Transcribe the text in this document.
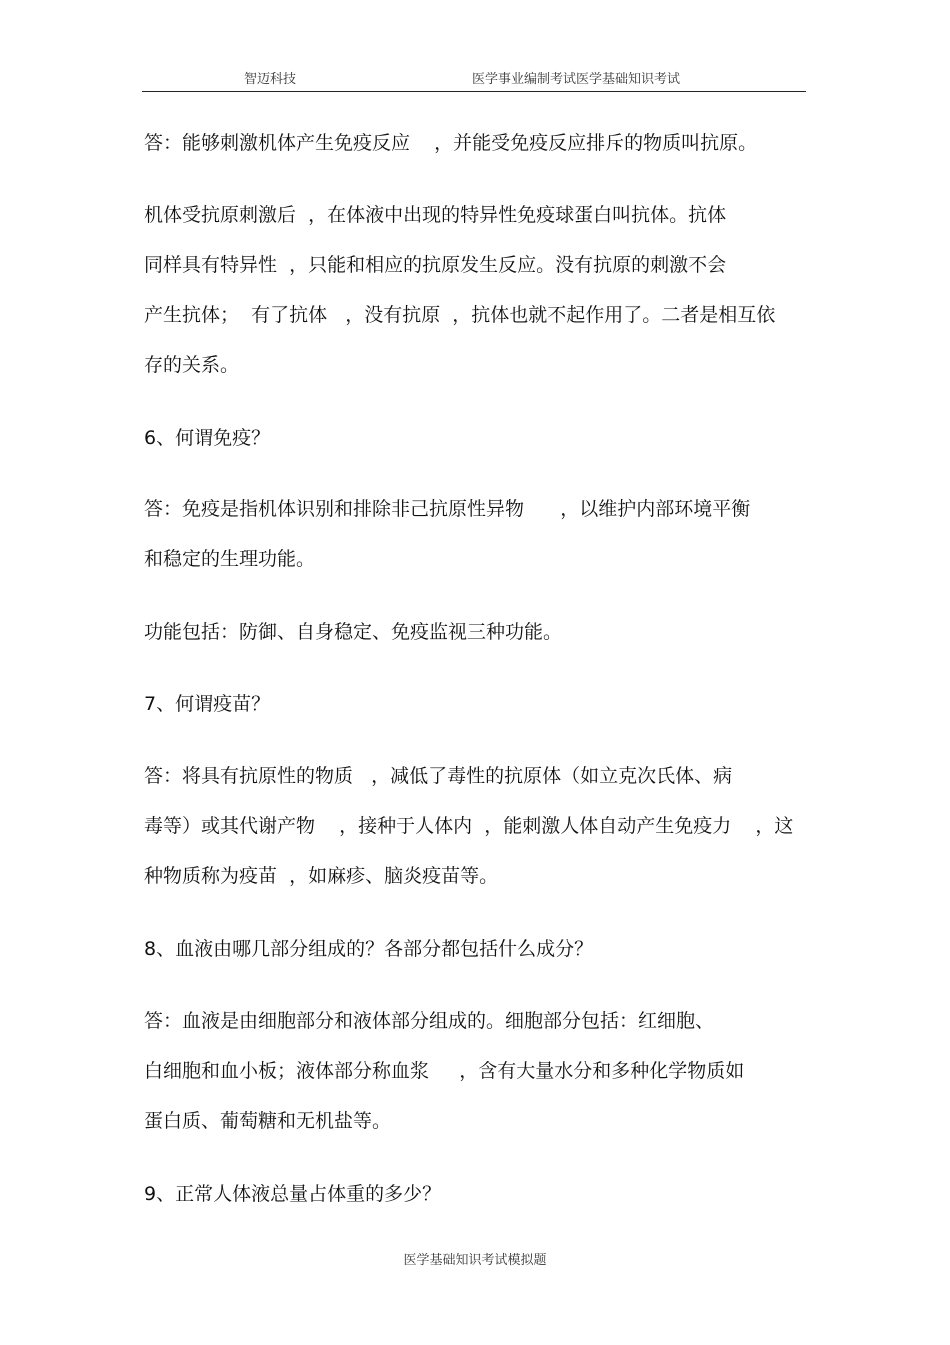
智迈科技	医学事业编制考试医学基础知识考试
答：能够刺激机体产生免疫反应    ，并能受免疫反应排斥的物质叫抗原。
机体受抗原刺激后  ，在体液中出现的特异性免疫球蛋白叫抗体。抗体
同样具有特异性  ，只能和相应的抗原发生反应。没有抗原的刺激不会
产生抗体；  有了抗体   ，没有抗原  ，抗体也就不起作用了。二者是相互依
存的关系。
6、何谓免疫？
答：免疫是指机体识别和排除非己抗原性异物      ，以维护内部环境平衡
和稳定的生理功能。
功能包括：防御、自身稳定、免疫监视三种功能。
7、何谓疫苗？
答：将具有抗原性的物质   ，减低了毒性的抗原体（如立克次氏体、病
毒等）或其代谢产物    ，接种于人体内  ，能刺激人体自动产生免疫力    ，这
种物质称为疫苗  ，如麻疹、脑炎疫苗等。
8、血液由哪几部分组成的？各部分都包括什么成分？
答：血液是由细胞部分和液体部分组成的。细胞部分包括：红细胞、
白细胞和血小板；液体部分称血浆     ，含有大量水分和多种化学物质如
蛋白质、葡萄糖和无机盐等。
9、正常人体液总量占体重的多少？
医学基础知识考试模拟题
